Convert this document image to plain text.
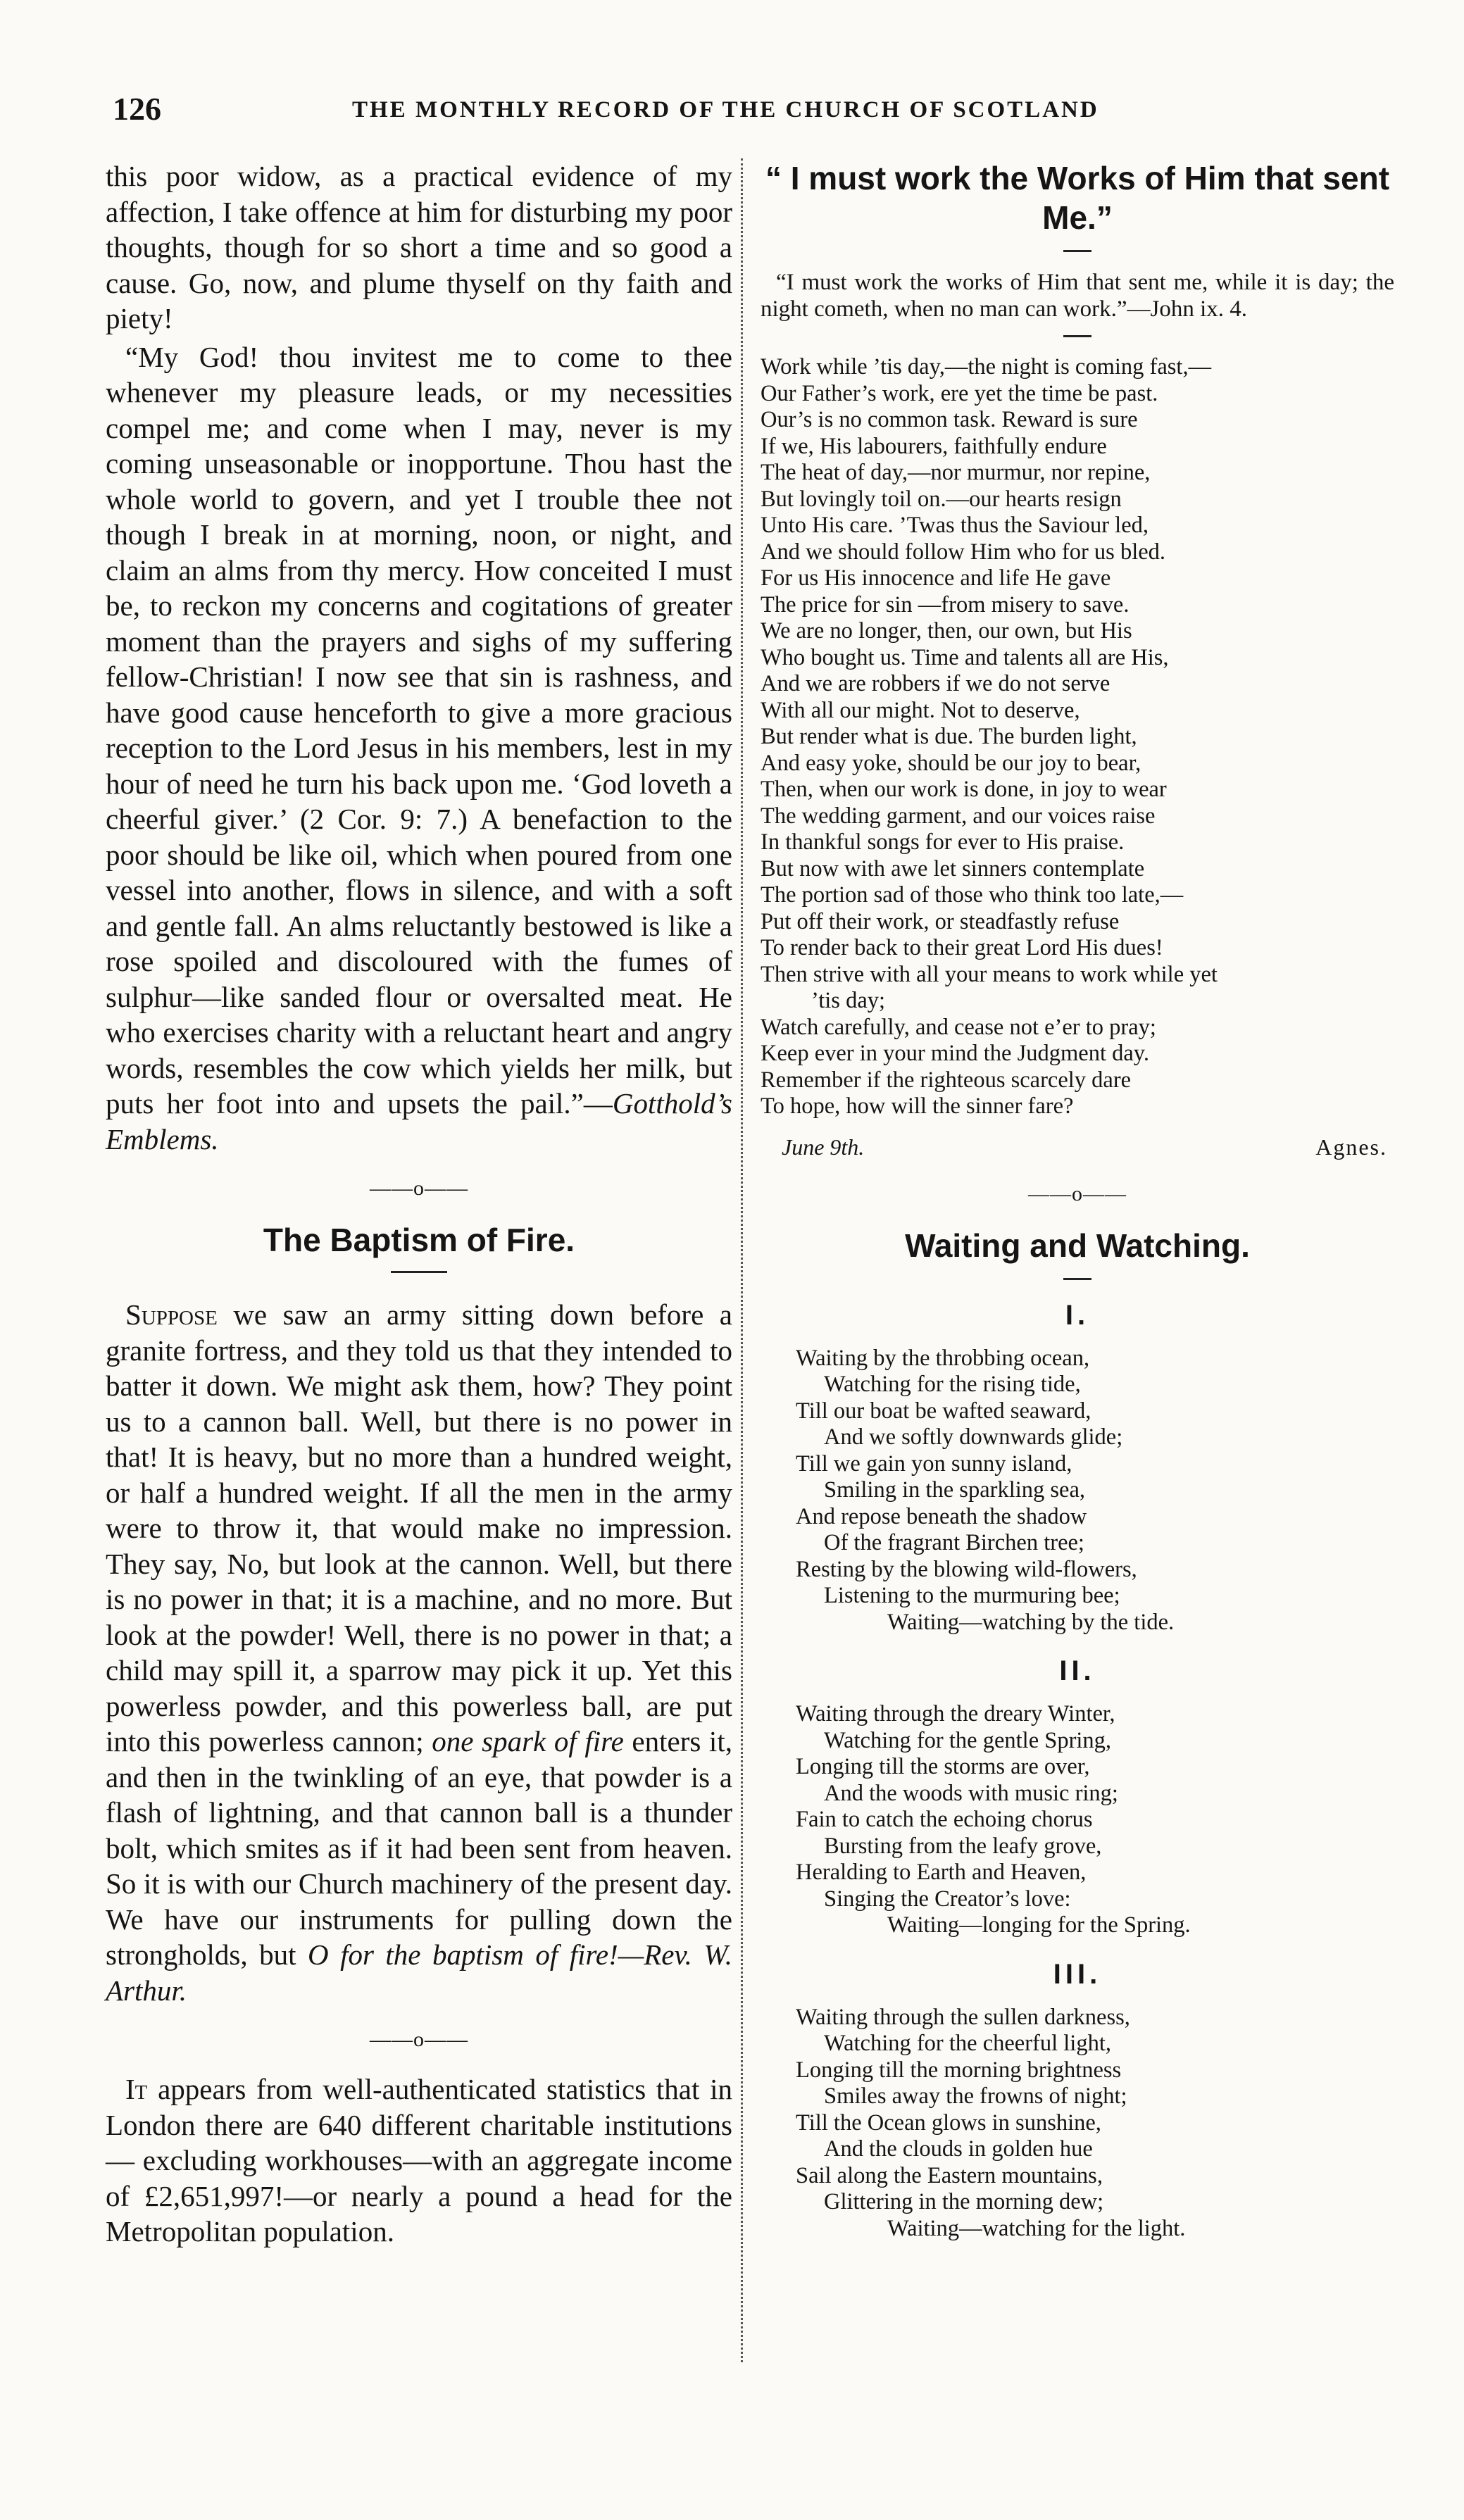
126	THE MONTHLY RECORD OF THE CHURCH OF SCOTLAND

this poor widow, as a practical evidence of my affection, I take offence at him for disturbing my poor thoughts, though for so short a time and so good a cause. Go, now, and plume thyself on thy faith and piety!

“My God! thou invitest me to come to thee whenever my pleasure leads, or my necessities compel me; and come when I may, never is my coming unseasonable or inopportune. Thou hast the whole world to govern, and yet I trouble thee not though I break in at morning, noon, or night, and claim an alms from thy mercy. How conceited I must be, to reckon my concerns and cogitations of greater moment than the prayers and sighs of my suffering fellow-Christian! I now see that sin is rashness, and have good cause henceforth to give a more gracious reception to the Lord Jesus in his members, lest in my hour of need he turn his back upon me. ‘God loveth a cheerful giver.’ (2 Cor. 9: 7.) A benefaction to the poor should be like oil, which when poured from one vessel into another, flows in silence, and with a soft and gentle fall. An alms reluctantly bestowed is like a rose spoiled and discoloured with the fumes of sulphur—like sanded flour or oversalted meat. He who exercises charity with a reluctant heart and angry words, resembles the cow which yields her milk, but puts her foot into and upsets the pail.”—Gotthold’s Emblems.

——o——
The Baptism of Fire.

Suppose we saw an army sitting down before a granite fortress, and they told us that they intended to batter it down. We might ask them, how? They point us to a cannon ball. Well, but there is no power in that! It is heavy, but no more than a hundred weight, or half a hundred weight. If all the men in the army were to throw it, that would make no impression. They say, No, but look at the cannon. Well, but there is no power in that; it is a machine, and no more. But look at the powder! Well, there is no power in that; a child may spill it, a sparrow may pick it up. Yet this powerless powder, and this powerless ball, are put into this powerless cannon; one spark of fire enters it, and then in the twinkling of an eye, that powder is a flash of lightning, and that cannon ball is a thunder bolt, which smites as if it had been sent from heaven. So it is with our Church machinery of the present day. We have our instruments for pulling down the strongholds, but O for the baptism of fire!—Rev. W. Arthur.

——o——

It appears from well-authenticated statistics that in London there are 640 different charitable institutions — excluding workhouses—with an aggregate income of £2,651,997!—or nearly a pound a head for the Metropolitan population.

“ I must work the Works of Him that sent Me.”

“I must work the works of Him that sent me, while it is day; the night cometh, when no man can work.”—John ix. 4.

Work while ’tis day,—the night is coming fast,—
Our Father’s work, ere yet the time be past.
Our’s is no common task. Reward is sure
If we, His labourers, faithfully endure
The heat of day,—nor murmur, nor repine,
But lovingly toil on.—our hearts resign
Unto His care. ’Twas thus the Saviour led,
And we should follow Him who for us bled.
For us His innocence and life He gave
The price for sin —from misery to save.
We are no longer, then, our own, but His
Who bought us. Time and talents all are His,
And we are robbers if we do not serve
With all our might. Not to deserve,
But render what is due. The burden light,
And easy yoke, should be our joy to bear,
Then, when our work is done, in joy to wear
The wedding garment, and our voices raise
In thankful songs for ever to His praise.
But now with awe let sinners contemplate
The portion sad of those who think too late,—
Put off their work, or steadfastly refuse
To render back to their great Lord His dues!
Then strive with all your means to work while yet
’tis day;
Watch carefully, and cease not e’er to pray;
Keep ever in your mind the Judgment day.
Remember if the righteous scarcely dare
To hope, how will the sinner fare?
June 9th.	Agnes.
——o——
Waiting and Watching.
I.
Waiting by the throbbing ocean,
Watching for the rising tide,
Till our boat be wafted seaward,
And we softly downwards glide;
Till we gain yon sunny island,
Smiling in the sparkling sea,
And repose beneath the shadow
Of the fragrant Birchen tree;
Resting by the blowing wild-flowers,
Listening to the murmuring bee;
Waiting—watching by the tide.
II.
Waiting through the dreary Winter,
Watching for the gentle Spring,
Longing till the storms are over,
And the woods with music ring;
Fain to catch the echoing chorus
Bursting from the leafy grove,
Heralding to Earth and Heaven,
Singing the Creator’s love:
Waiting—longing for the Spring.
III.
Waiting through the sullen darkness,
Watching for the cheerful light,
Longing till the morning brightness
Smiles away the frowns of night;
Till the Ocean glows in sunshine,
And the clouds in golden hue
Sail along the Eastern mountains,
Glittering in the morning dew;
Waiting—watching for the light.
